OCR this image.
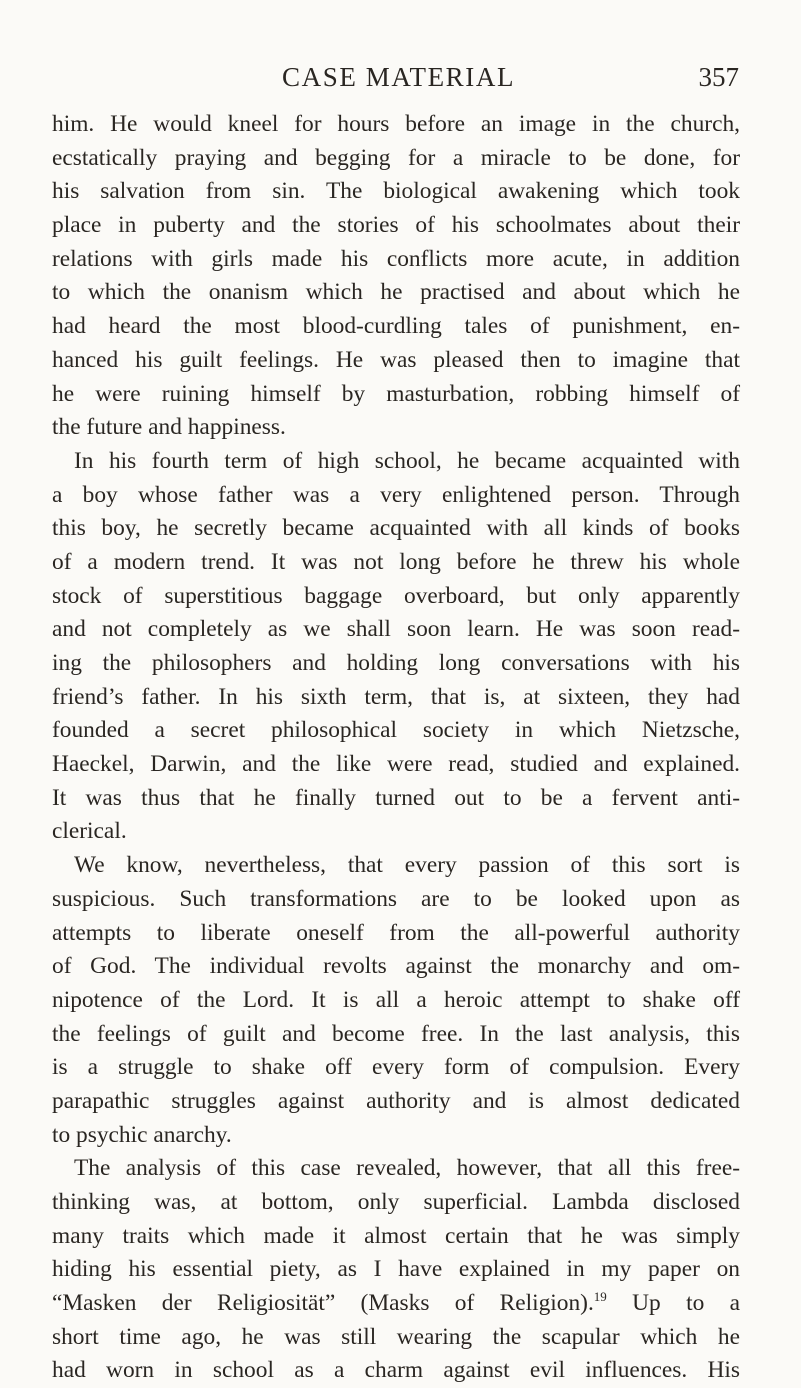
CASE MATERIAL	357
him. He would kneel for hours before an image in the church,
ecstatically praying and begging for a miracle to be done, for
his salvation from sin. The biological awakening which took
place in puberty and the stories of his schoolmates about their
relations with girls made his conflicts more acute, in addition
to which the onanism which he practised and about which he
had heard the most blood-curdling tales of punishment, en-
hanced his guilt feelings. He was pleased then to imagine that
he were ruining himself by masturbation, robbing himself of
the future and happiness.
In his fourth term of high school, he became acquainted with
a boy whose father was a very enlightened person. Through
this boy, he secretly became acquainted with all kinds of books
of a modern trend. It was not long before he threw his whole
stock of superstitious baggage overboard, but only apparently
and not completely as we shall soon learn. He was soon read-
ing the philosophers and holding long conversations with his
friend’s father. In his sixth term, that is, at sixteen, they had
founded a secret philosophical society in which Nietzsche,
Haeckel, Darwin, and the like were read, studied and explained.
It was thus that he finally turned out to be a fervent anti-
clerical.
We know, nevertheless, that every passion of this sort is
suspicious. Such transformations are to be looked upon as
attempts to liberate oneself from the all-powerful authority
of God. The individual revolts against the monarchy and om-
nipotence of the Lord. It is all a heroic attempt to shake off
the feelings of guilt and become free. In the last analysis, this
is a struggle to shake off every form of compulsion. Every
parapathic struggles against authority and is almost dedicated
to psychic anarchy.
The analysis of this case revealed, however, that all this free-
thinking was, at bottom, only superficial. Lambda disclosed
many traits which made it almost certain that he was simply
hiding his essential piety, as I have explained in my paper on
“Masken der Religiosität” (Masks of Religion).$^{19}$ Up to a
short time ago, he was still wearing the scapular which he
had worn in school as a charm against evil influences. His
